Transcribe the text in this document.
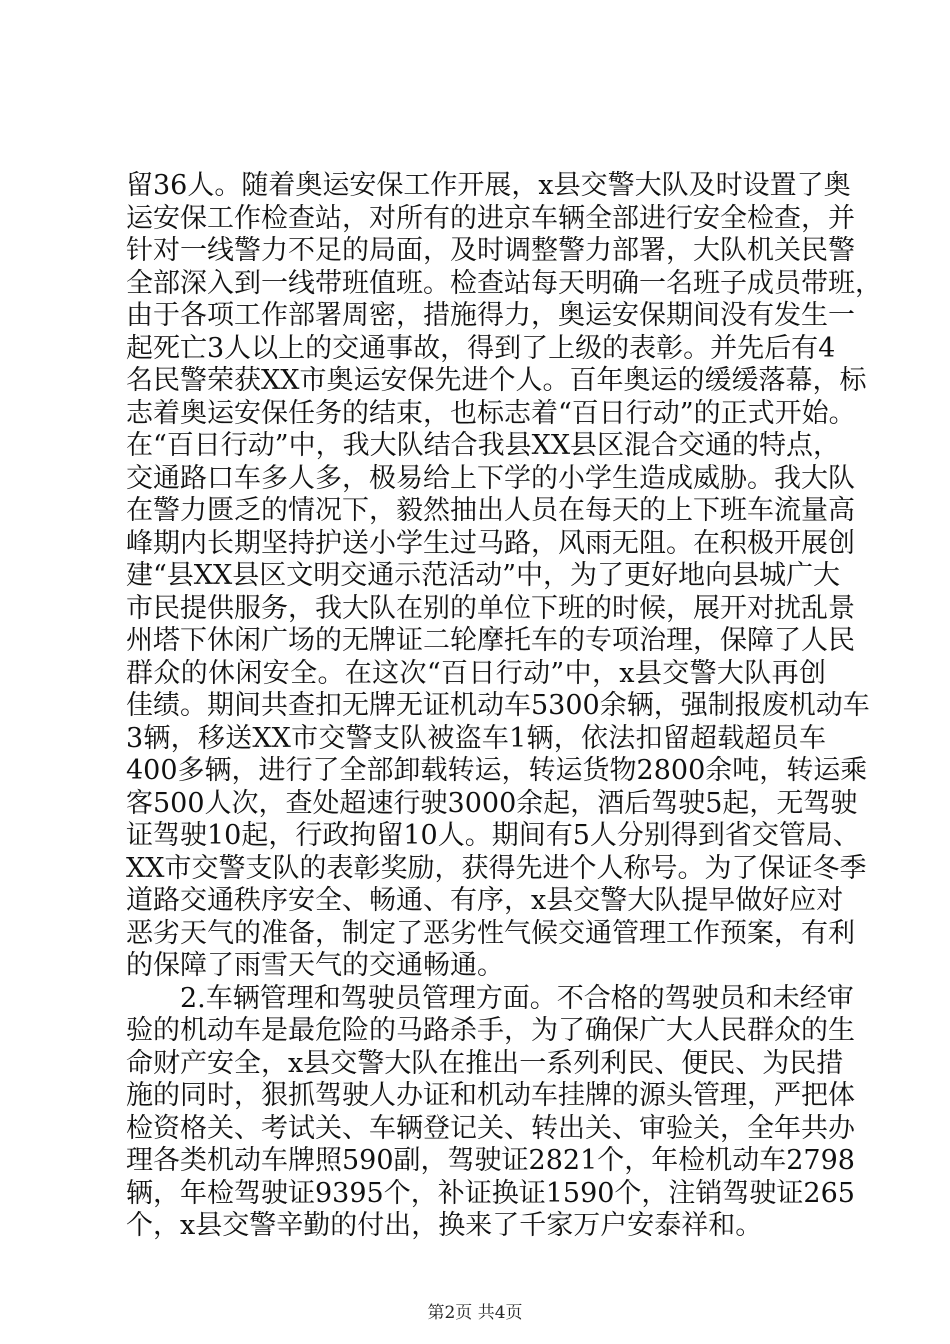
留36人。随着奥运安保工作开展，x县交警大队及时设置了奥
运安保工作检查站，对所有的进京车辆全部进行安全检查，并
针对一线警力不足的局面，及时调整警力部署，大队机关民警
全部深入到一线带班值班。检查站每天明确一名班子成员带班，
由于各项工作部署周密，措施得力，奥运安保期间没有发生一
起死亡3人以上的交通事故，得到了上级的表彰。并先后有4
名民警荣获XX市奥运安保先进个人。百年奥运的缓缓落幕，标
志着奥运安保任务的结束，也标志着“百日行动”的正式开始。
在“百日行动”中，我大队结合我县XX县区混合交通的特点，
交通路口车多人多，极易给上下学的小学生造成威胁。我大队
在警力匮乏的情况下，毅然抽出人员在每天的上下班车流量高
峰期内长期坚持护送小学生过马路，风雨无阻。在积极开展创
建“县XX县区文明交通示范活动”中，为了更好地向县城广大
市民提供服务，我大队在别的单位下班的时候，展开对扰乱景
州塔下休闲广场的无牌证二轮摩托车的专项治理，保障了人民
群众的休闲安全。在这次“百日行动”中，x县交警大队再创
佳绩。期间共查扣无牌无证机动车5300余辆，强制报废机动车
3辆，移送XX市交警支队被盗车1辆，依法扣留超载超员车
400多辆，进行了全部卸载转运，转运货物2800余吨，转运乘
客500人次，查处超速行驶3000余起，酒后驾驶5起，无驾驶
证驾驶10起，行政拘留10人。期间有5人分别得到省交管局、
XX市交警支队的表彰奖励，获得先进个人称号。为了保证冬季
道路交通秩序安全、畅通、有序，x县交警大队提早做好应对
恶劣天气的准备，制定了恶劣性气候交通管理工作预案，有利
的保障了雨雪天气的交通畅通。
2.车辆管理和驾驶员管理方面。不合格的驾驶员和未经审
验的机动车是最危险的马路杀手，为了确保广大人民群众的生
命财产安全，x县交警大队在推出一系列利民、便民、为民措
施的同时，狠抓驾驶人办证和机动车挂牌的源头管理，严把体
检资格关、考试关、车辆登记关、转出关、审验关，全年共办
理各类机动车牌照590副，驾驶证2821个，年检机动车2798
辆，年检驾驶证9395个，补证换证1590个，注销驾驶证265
个，x县交警辛勤的付出，换来了千家万户安泰祥和。
第2页 共4页
